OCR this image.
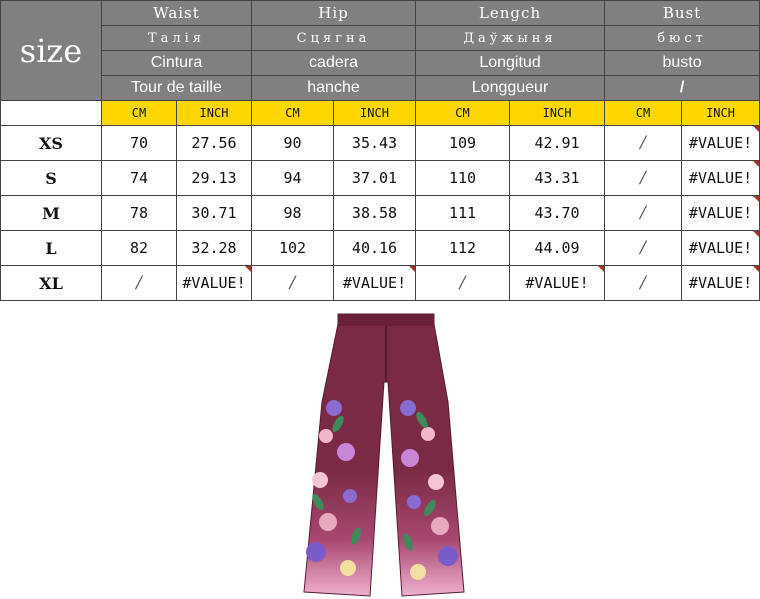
size	Waist		Hip		Lengch		Bust	
	Талія		Сцягна		Даўжыня		бюст	
	Cintura		cadera		Longitud		busto	
	Tour de taille		hanche		Longgueur		/	
	CM	INCH	CM	INCH	CM	INCH	CM	INCH
XS	70	27.56	90	35.43	109	42.91	/	#VALUE!
S	74	29.13	94	37.01	110	43.31	/	#VALUE!
M	78	30.71	98	38.58	111	43.70	/	#VALUE!
L	82	32.28	102	40.16	112	44.09	/	#VALUE!
XL	/	#VALUE!	/	#VALUE!	/	#VALUE!	/	#VALUE!
